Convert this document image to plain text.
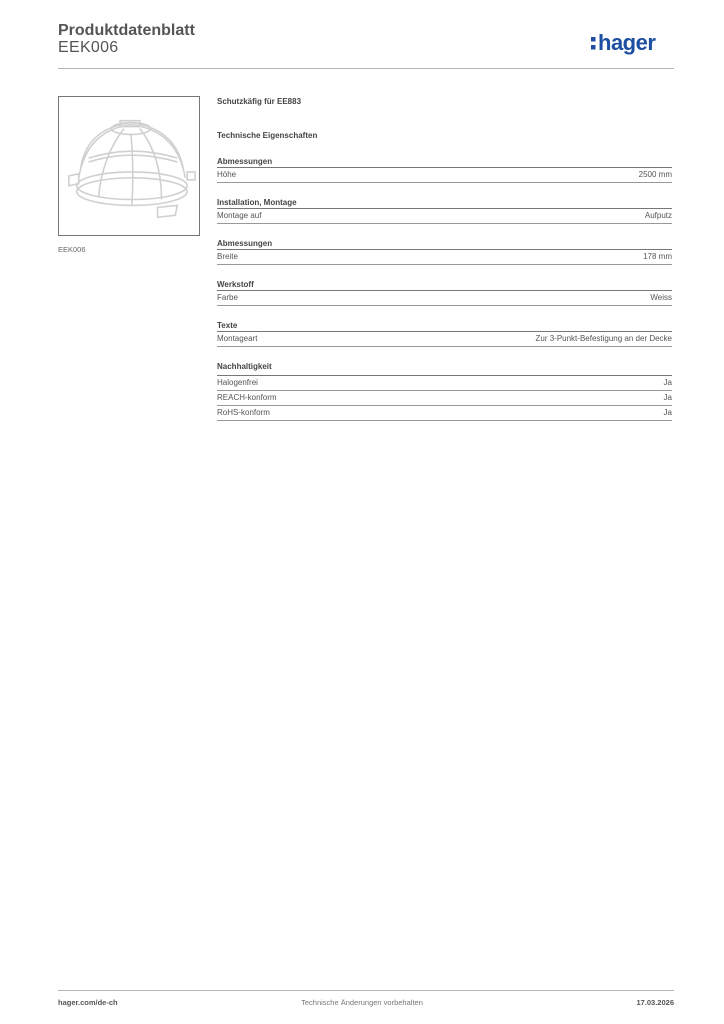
Produktdatenblatt
EEK006	hager
EEK006
Schutzkäfig für EE883
Technische Eigenschaften
Abmessungen
Höhe	2500 mm
Installation, Montage
Montage auf	Aufputz
Abmessungen
Breite	178 mm
Werkstoff
Farbe	Weiss
Texte
Montageart	Zur 3-Punkt-Befestigung an der Decke
Nachhaltigkeit
Halogenfrei	Ja
REACH-konform	Ja
RoHS-konform	Ja
hager.com/de-ch	Technische Änderungen vorbehalten	17.03.2026
